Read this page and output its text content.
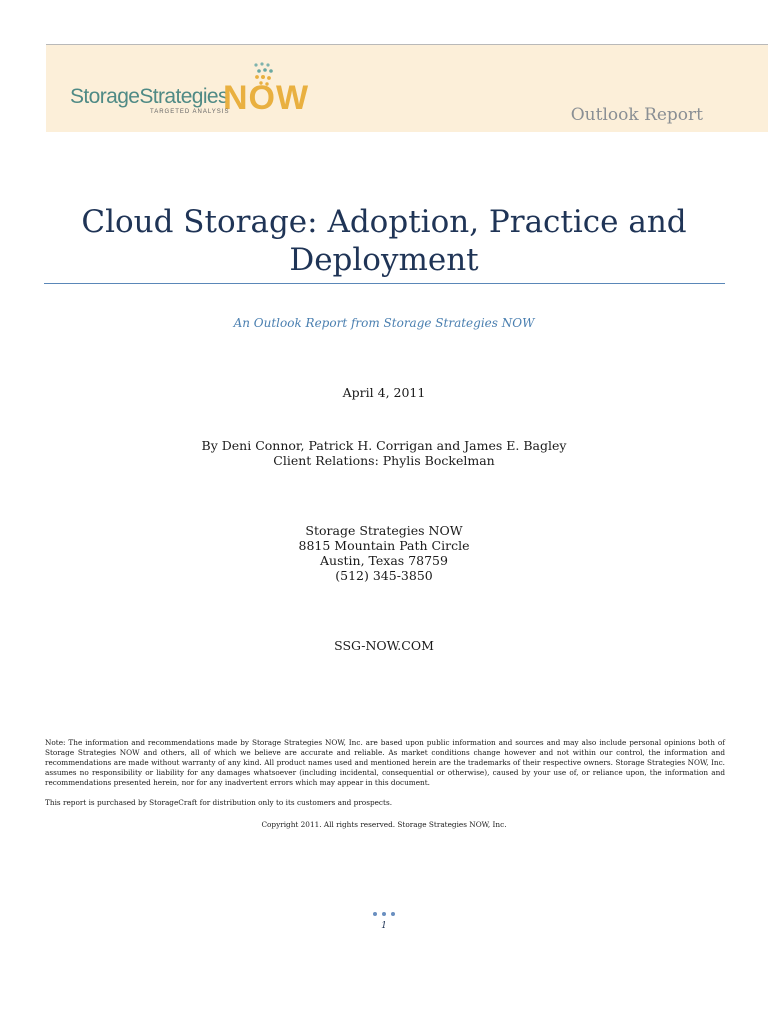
StorageStrategies
NOW
TARGETED ANALYSIS	Outlook Report
Cloud Storage: Adoption, Practice and
Deployment
An Outlook Report from Storage Strategies NOW
April 4, 2011
By Deni Connor, Patrick H. Corrigan and James E. Bagley
Client Relations: Phylis Bockelman
Storage Strategies NOW
8815 Mountain Path Circle
Austin, Texas 78759
(512) 345-3850
SSG-NOW.COM
Note: The information and recommendations made by Storage Strategies NOW, Inc. are based upon public information and sources and may also include personal opinions both of Storage Strategies NOW and others, all of which we believe are accurate and reliable. As market conditions change however and not within our control, the information and recommendations are made without warranty of any kind. All product names used and mentioned herein are the trademarks of their respective owners. Storage Strategies NOW, Inc. assumes no responsibility or liability for any damages whatsoever (including incidental, consequential or otherwise), caused by your use of, or reliance upon, the information and recommendations presented herein, nor for any inadvertent errors which may appear in this document.
This report is purchased by StorageCraft for distribution only to its customers and prospects.
Copyright 2011. All rights reserved. Storage Strategies NOW, Inc.
1
